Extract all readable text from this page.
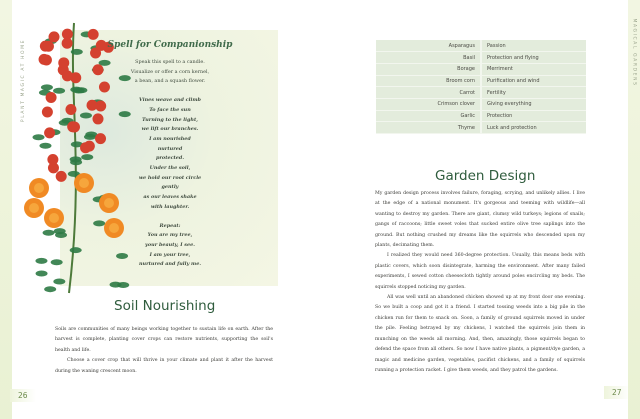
PLANT MAGIC AT HOME	MAGICAL GARDENS
Spell for Companionship
Speak this spell to a candle.
Visualize or offer a corn kernel,
a bean, and a squash flower.
Vines weave and climb
To face the sun
Turning to the light,
we lift our branches.
I am nourished
nurtured
protected.
Under the soil,
we hold our root circle
gently
as our leaves shake
with laughter.
Repeat:
You are my tree,
your beauty, I see.
I am your tree,
nurtured and fully me.
Soil Nourishing

Soils are communities of many beings working together to sustain life on earth. After the harvest is complete, planting cover crops can restore nutrients, supporting the soil's health and life.

Choose a cover crop that will thrive in your climate and plant it after the harvest during the waning crescent moon.

26
Asparagus	Passion
Basil	Protection and flying
Borage	Merriment
Broom corn	Purification and wind
Carrot	Fertility
Crimson clover	Giving everything
Garlic	Protection
Thyme	Luck and protection
Garden Design

My garden design process involves failure, foraging, scrying, and unlikely allies. I live at the edge of a national monument. It's gorgeous and teeming with wildlife—all wanting to destroy my garden. There are giant, clumsy wild turkeys; legions of snails; gangs of raccoons; little sweet voles that sucked entire olive tree saplings into the ground. But nothing crushed my dreams like the squirrels who descended upon my plants, decimating them.

I realized they would need 360-degree protection. Usually, this means beds with plastic covers, which soon disintegrate, harming the environment. After many failed experiments, I sewed cotton cheesecloth tightly around poles encircling my beds. The squirrels stopped noticing my garden.

All was well until an abandoned chicken showed up at my front door one evening. So we built a coop and got it a friend. I started tossing weeds into a big pile in the chicken run for them to snack on. Soon, a family of ground squirrels moved in under the pile. Feeling betrayed by my chickens, I watched the squirrels join them in munching on the weeds all morning. And, then, amazingly, those squirrels began to defend the space from all others. So now I have native plants, a pigment/dye garden, a magic and medicine garden, vegetables, pacifist chickens, and a family of squirrels running a protection racket. I give them weeds, and they patrol the gardens.

27
